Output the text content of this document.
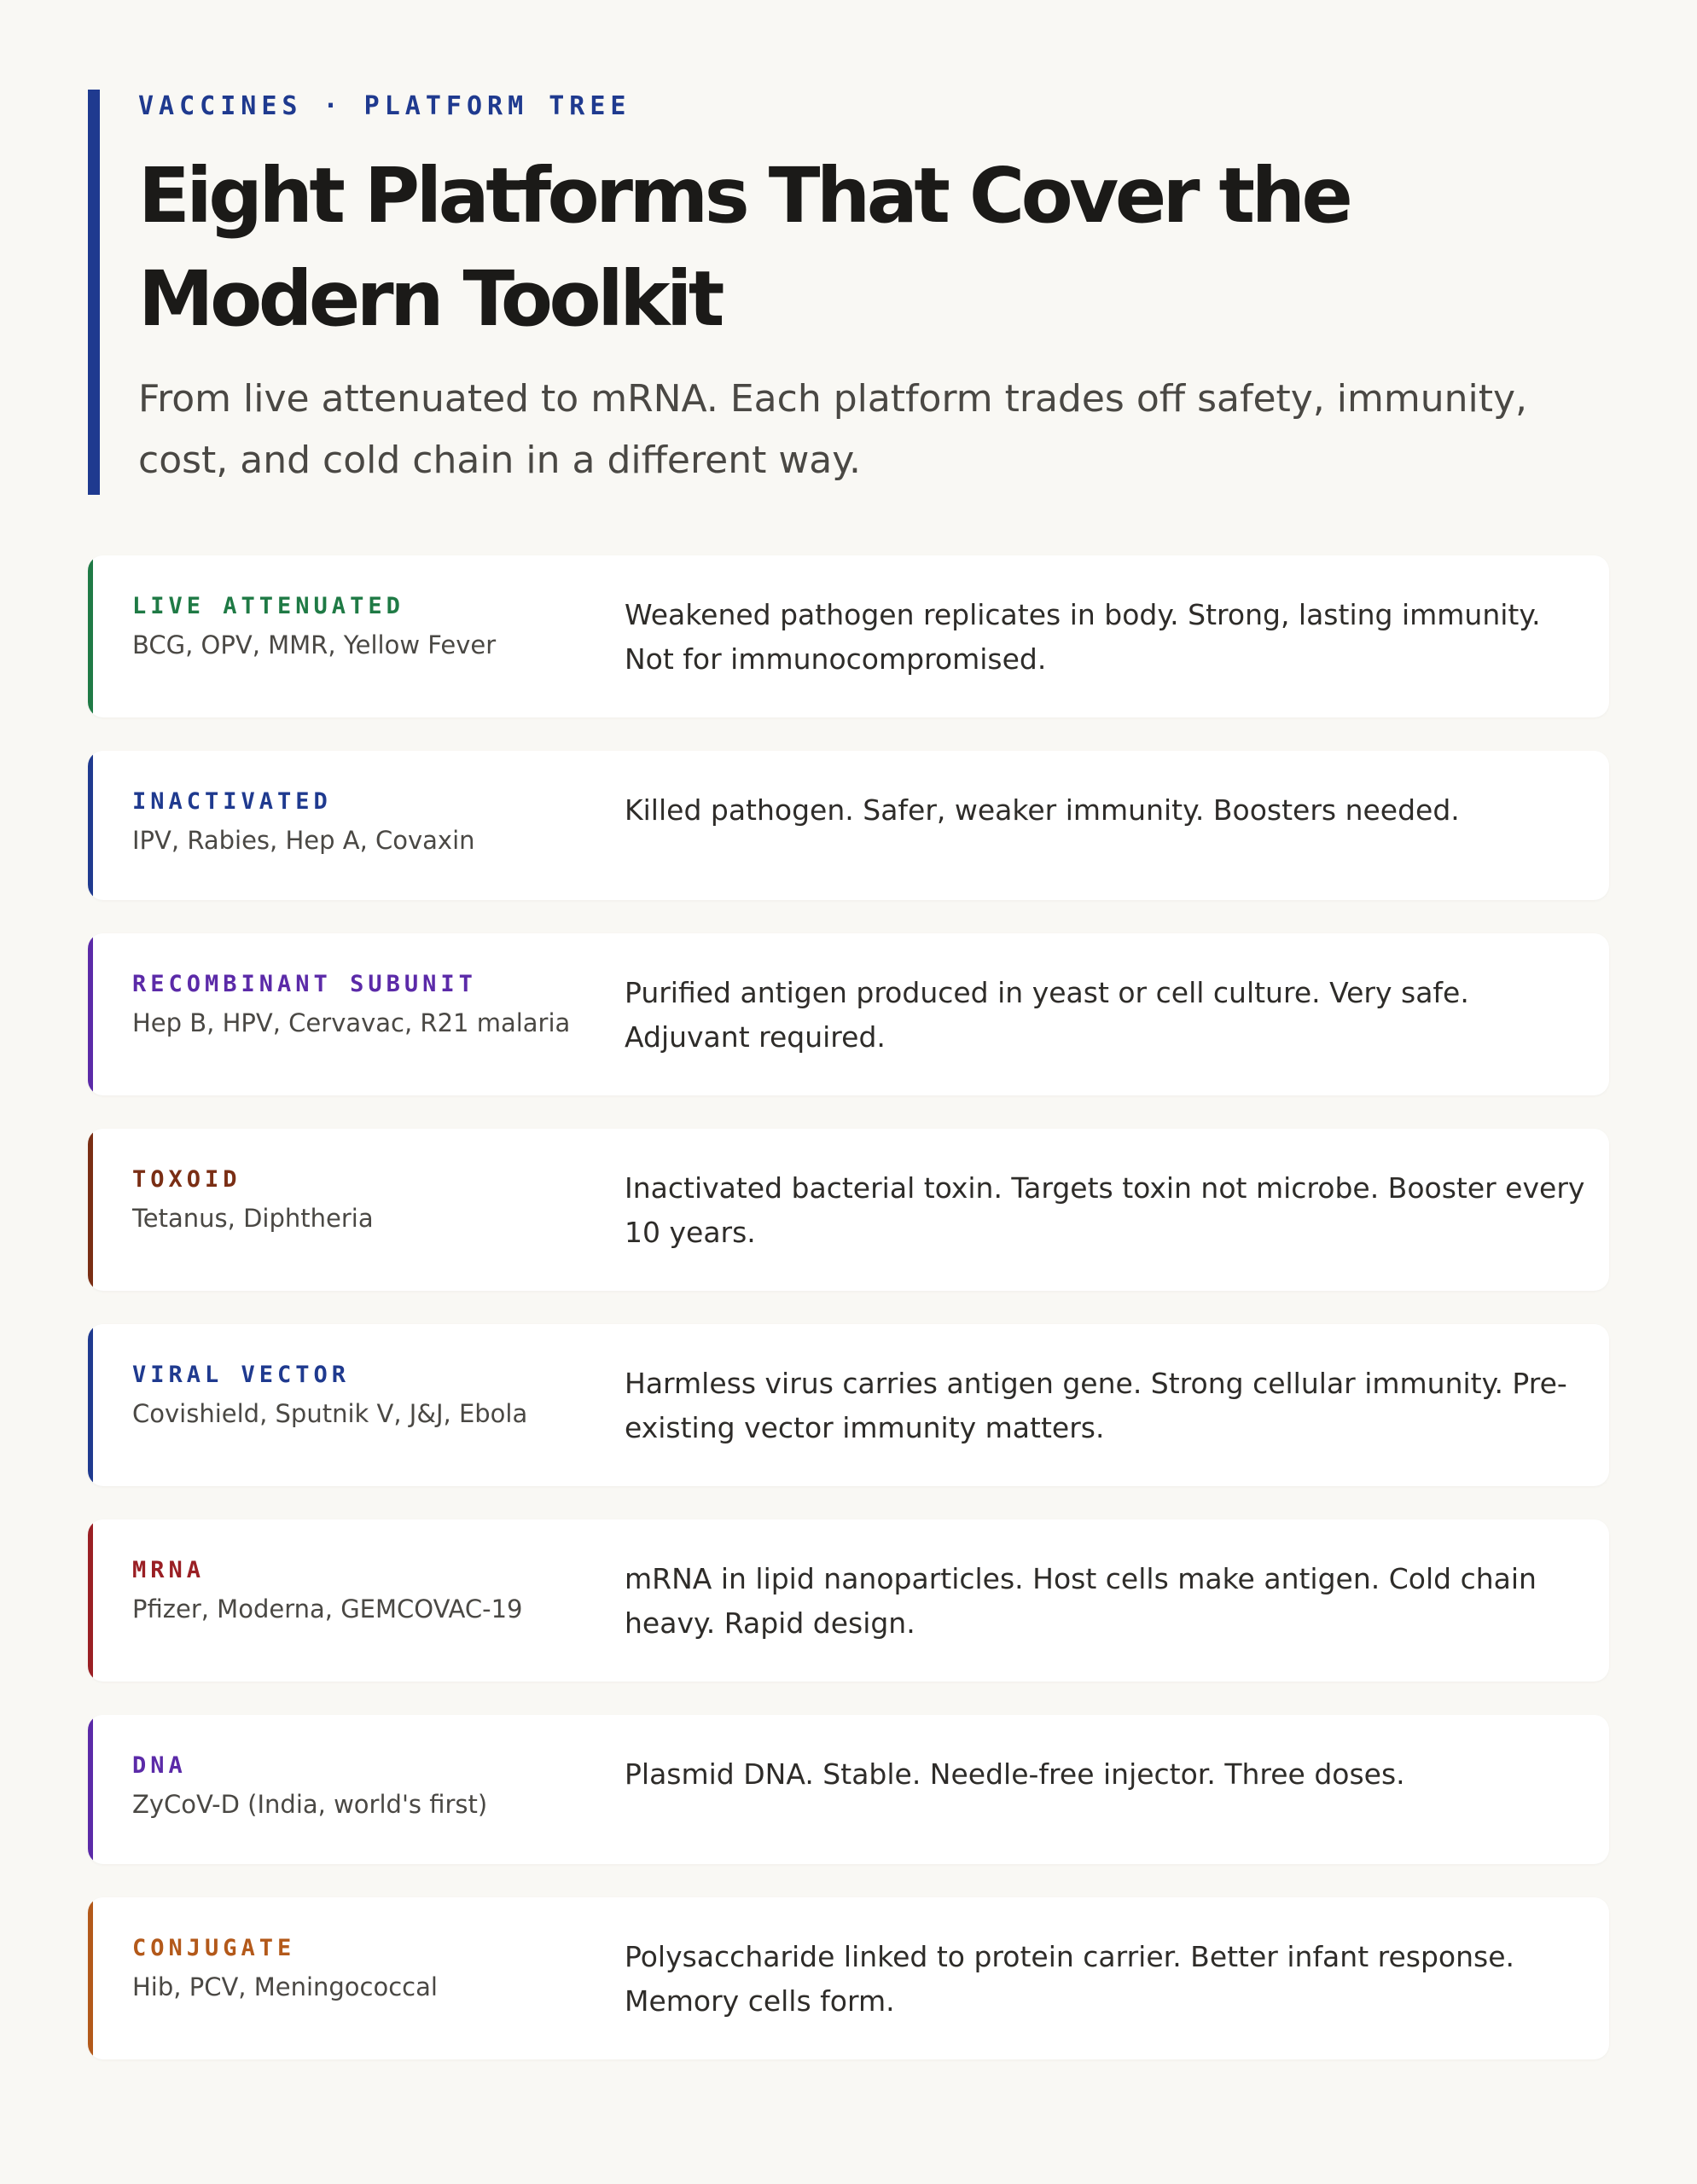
VACCINES · PLATFORM TREE
Eight Platforms That Cover the Modern Toolkit
From live attenuated to mRNA. Each platform trades off safety, immunity, cost, and cold chain in a different way.
LIVE ATTENUATED
BCG, OPV, MMR, Yellow Fever
Weakened pathogen replicates in body. Strong, lasting immunity. Not for immunocompromised.
INACTIVATED
IPV, Rabies, Hep A, Covaxin
Killed pathogen. Safer, weaker immunity. Boosters needed.
RECOMBINANT SUBUNIT
Hep B, HPV, Cervavac, R21 malaria
Purified antigen produced in yeast or cell culture. Very safe. Adjuvant required.
TOXOID
Tetanus, Diphtheria
Inactivated bacterial toxin. Targets toxin not microbe. Booster every 10 years.
VIRAL VECTOR
Covishield, Sputnik V, J&J, Ebola
Harmless virus carries antigen gene. Strong cellular immunity. Pre-existing vector immunity matters.
MRNA
Pfizer, Moderna, GEMCOVAC-19
mRNA in lipid nanoparticles. Host cells make antigen. Cold chain heavy. Rapid design.
DNA
ZyCoV-D (India, world's first)
Plasmid DNA. Stable. Needle-free injector. Three doses.
CONJUGATE
Hib, PCV, Meningococcal
Polysaccharide linked to protein carrier. Better infant response. Memory cells form.
